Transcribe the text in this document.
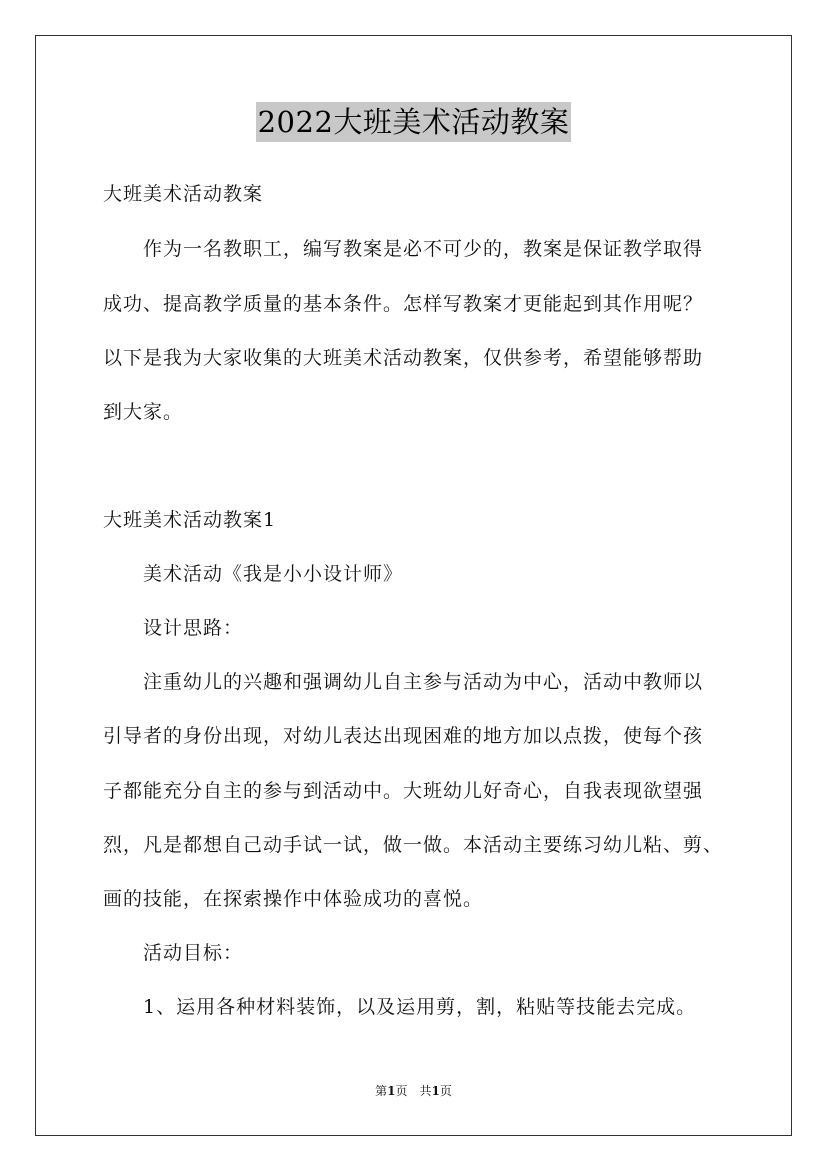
2022大班美术活动教案
大班美术活动教案
作为一名教职工，编写教案是必不可少的，教案是保证教学取得
成功、提高教学质量的基本条件。怎样写教案才更能起到其作用呢？
以下是我为大家收集的大班美术活动教案，仅供参考，希望能够帮助
到大家。
大班美术活动教案1
美术活动《我是小小设计师》
设计思路：
注重幼儿的兴趣和强调幼儿自主参与活动为中心，活动中教师以
引导者的身份出现，对幼儿表达出现困难的地方加以点拨，使每个孩
子都能充分自主的参与到活动中。大班幼儿好奇心，自我表现欲望强
烈，凡是都想自己动手试一试，做一做。本活动主要练习幼儿粘、剪、
画的技能，在探索操作中体验成功的喜悦。
活动目标：
1、运用各种材料装饰，以及运用剪，割，粘贴等技能去完成。
第1页　共1页
